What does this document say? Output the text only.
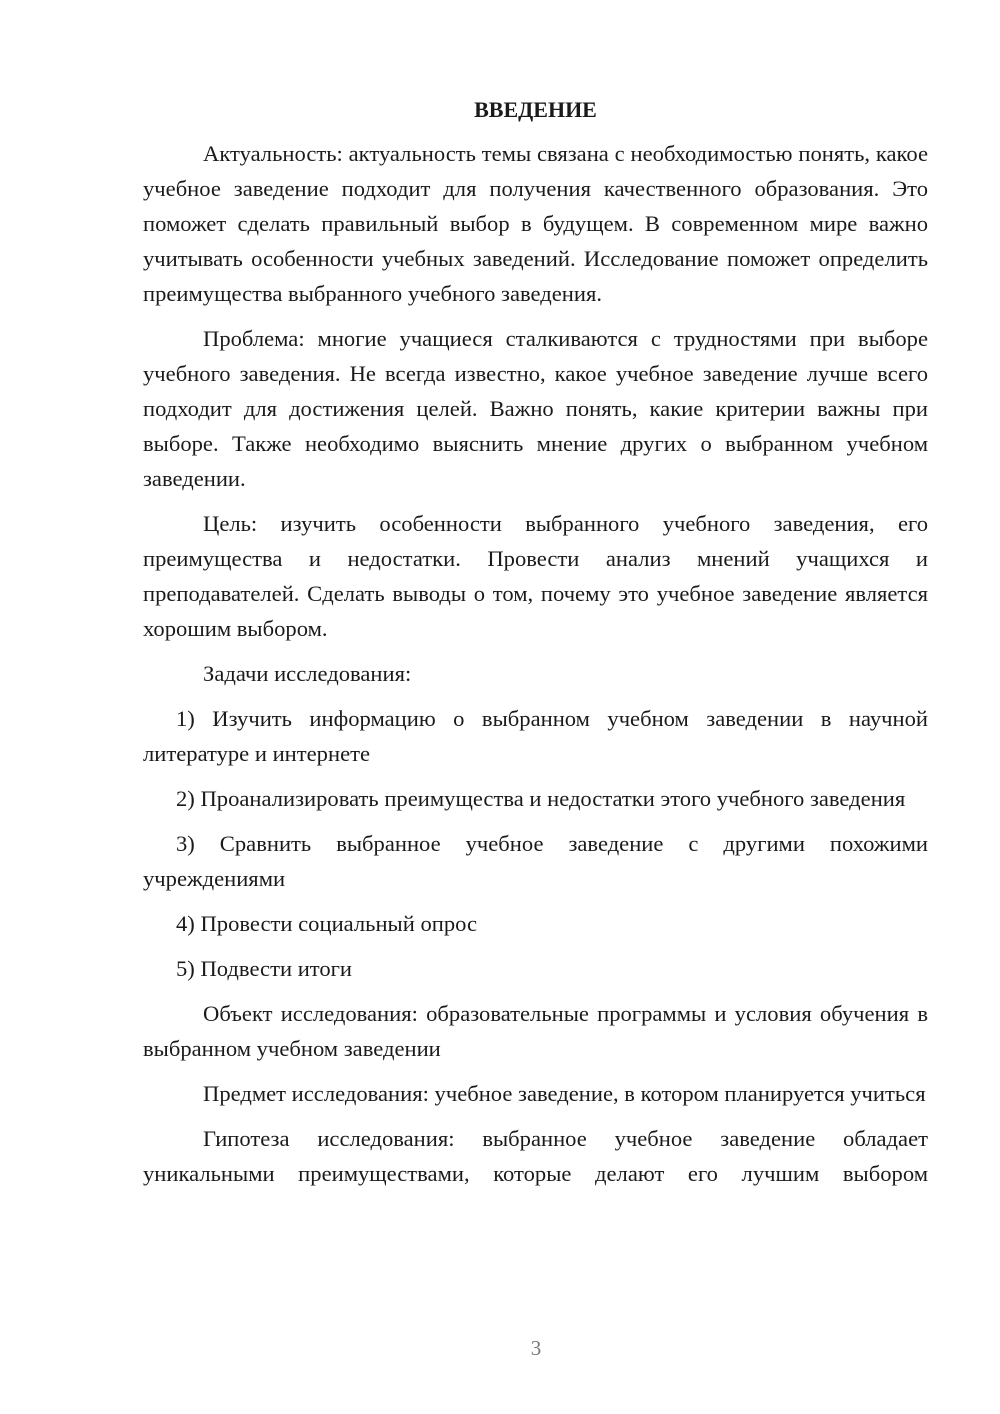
ВВЕДЕНИЕ

Актуальность: актуальность темы связана с необходимостью понять, какое учебное заведение подходит для получения качественного образования. Это поможет сделать правильный выбор в будущем. В современном мире важно учитывать особенности учебных заведений. Исследование поможет определить преимущества выбранного учебного заведения.

Проблема: многие учащиеся сталкиваются с трудностями при выборе учебного заведения. Не всегда известно, какое учебное заведение лучше всего подходит для достижения целей. Важно понять, какие критерии важны при выборе. Также необходимо выяснить мнение других о выбранном учебном заведении.

Цель: изучить особенности выбранного учебного заведения, его преимущества и недостатки. Провести анализ мнений учащихся и преподавателей. Сделать выводы о том, почему это учебное заведение является хорошим выбором.

Задачи исследования:

1) Изучить информацию о выбранном учебном заведении в научной литературе и интернете

2) Проанализировать преимущества и недостатки этого учебного заведения

3) Сравнить выбранное учебное заведение с другими похожими учреждениями

4) Провести социальный опрос

5) Подвести итоги

Объект исследования: образовательные программы и условия обучения в выбранном учебном заведении

Предмет исследования: учебное заведение, в котором планируется учиться

Гипотеза исследования: выбранное учебное заведение обладает уникальными преимуществами, которые делают его лучшим выбором

3
